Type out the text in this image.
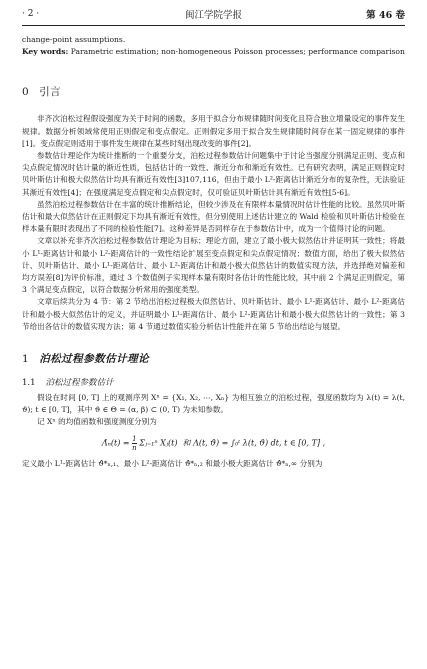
· 2 ·	闽江学院学报	第 46 卷

change-point assumptions.

Key words: Parametric estimation; non-homogeneous Poisson processes; performance comparison

0 引言

非齐次泊松过程假设强度为关于时间的函数，多用于拟合分布规律随时间变化且符合独立增量设定的事件发生规律。数据分析领域常使用正则假定和变点假定。正则假定多用于拟合发生规律随时间存在某一固定规律的事件[1]。变点假定则适用于事件发生规律在某些时刻出现改变的事件[2]。

参数估计理论作为统计推断的一个重要分支，泊松过程参数估计问题集中于讨论当强度分别满足正则、变点和尖点假定情况时估计量的渐近性质，包括估计的一致性、渐近分布和渐近有效性。已有研究表明，满足正则假定时贝叶斯估计和极大似然估计均具有渐近有效性[3]107,116，但由于最小 L²-距离估计渐近分布的复杂性，无法验证其渐近有效性[4]；在强度满足变点假定和尖点假定时，仅可验证贝叶斯估计具有渐近有效性[5-6]。

虽然泊松过程参数估计在丰富的统计推断结论，但较少涉及在有限样本量情况时估计性能的比较。虽然贝叶斯估计和最大似然估计在正则假定下均具有渐近有效性，但分别使用上述估计建立的 Wald 检验和贝叶斯估计检验在样本量有限时表现出了不同的检验性能[7]。这种差异是否同样存在于参数估计中，成为一个值得讨论的问题。

文章以补充非齐次泊松过程参数估计理论为目标；理论方面，建立了最小极大似然估计并证明其一致性；将最小 L¹-距离估计和最小 L²-距离估计的一致性结论扩展至变点假定和尖点假定情况；数值方面，给出了极大似然估计、贝叶斯估计、最小 L¹-距离估计、最小 L²-距离估计和最小极大似然估计的数值实现方法，并选择绝对偏差和均方误差[8]为评价标准，通过 3 个数值例子实现样本量有限时各估计的性能比较，其中前 2 个满足正则假定，第 3 个满足变点假定，以符合数据分析常用的强度类型。

文章后续共分为 4 节：第 2 节给出泊松过程极大似然估计、贝叶斯估计、最小 L¹-距离估计、最小 L²-距离估计和最小极大似然估计的定义，并证明最小 L¹-距离估计、最小 L²-距离估计和最小极大似然估计的一致性；第 3 节给出各估计的数值实现方法；第 4 节通过数值实验分析估计性能并在第 5 节给出结论与展望。

1 泊松过程参数估计理论
1.1 泊松过程参数估计

假设在时间 [0, T] 上的观测序列 Xⁿ = {X₁, X₂, ⋯, Xₙ} 为相互独立的泊松过程，强度函数均为 λ(t) = λ(t, ϑ); t ∈ [0, T]，其中 ϑ ∈ Θ = (α, β) ⊂ (0, T) 为未知参数。

记 Xⁿ 的均值函数和强度测度分别为

Λ̂ₙ(t) = $\frac{1}{n}$ Σⱼ₌₁ⁿ Xⱼ(t) 和 Λ(t, ϑ) = ∫₀ᵗ λ(t, ϑ) dt, t ∈ [0, T] ,

定义最小 L¹-距离估计 ϑ̂*ₙ,₁、最小 L²-距离估计 ϑ̂*ₙ,₂ 和最小极大距离估计 ϑ̂*ₙ,∞ 分别为
